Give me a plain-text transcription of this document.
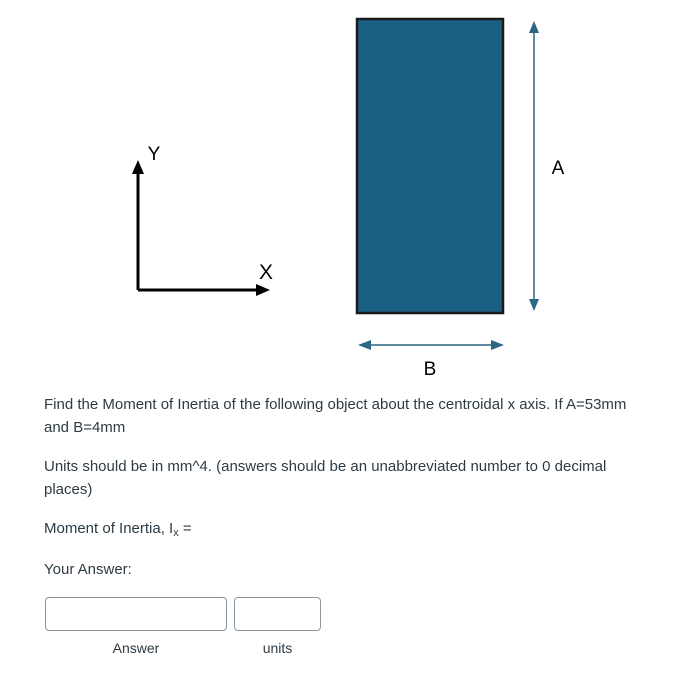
Y
X
A
B
Find the Moment of Inertia of the following object about the centroidal x axis. If A=53mm and B=4mm
Units should be in mm^4. (answers should be an unabbreviated number to 0 decimal places)
Moment of Inertia, $I_x$ =
Your Answer:
Answer	units
